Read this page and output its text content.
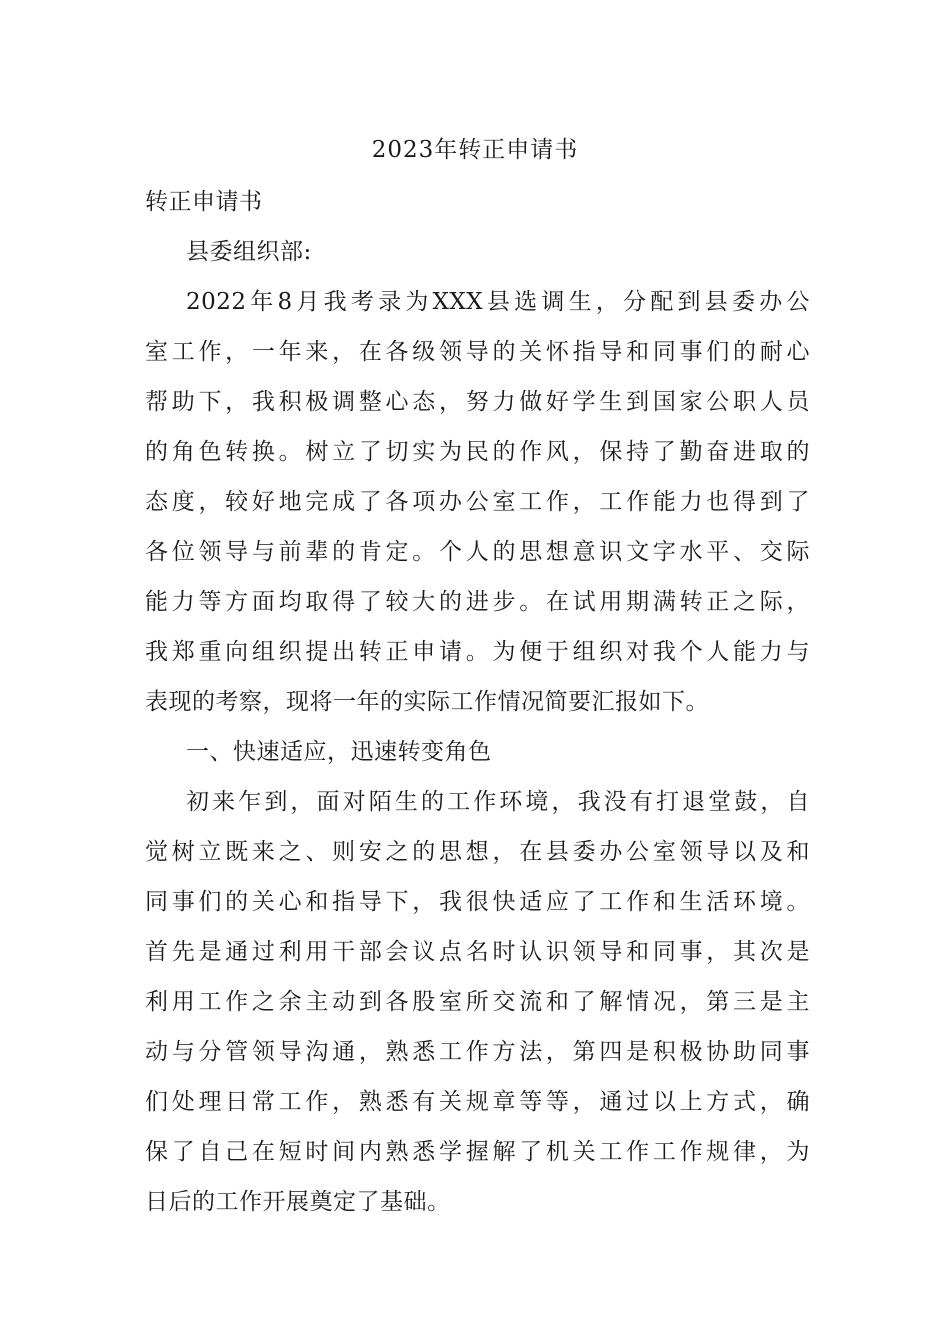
2023年转正申请书
转正申请书
县委组织部:
2022年8月我考录为XXX县选调生，分配到县委办公
室工作，一年来，在各级领导的关怀指导和同事们的耐心
帮助下，我积极调整心态，努力做好学生到国家公职人员
的角色转换。树立了切实为民的作风，保持了勤奋进取的
态度，较好地完成了各项办公室工作，工作能力也得到了
各位领导与前辈的肯定。个人的思想意识文字水平、交际
能力等方面均取得了较大的进步。在试用期满转正之际，
我郑重向组织提出转正申请。为便于组织对我个人能力与
表现的考察，现将一年的实际工作情况简要汇报如下。
一、快速适应，迅速转变角色
初来乍到，面对陌生的工作环境，我没有打退堂鼓，自
觉树立既来之、则安之的思想，在县委办公室领导以及和
同事们的关心和指导下，我很快适应了工作和生活环境。
首先是通过利用干部会议点名时认识领导和同事，其次是
利用工作之余主动到各股室所交流和了解情况，第三是主
动与分管领导沟通，熟悉工作方法，第四是积极协助同事
们处理日常工作，熟悉有关规章等等，通过以上方式，确
保了自己在短时间内熟悉学握解了机关工作工作规律，为
日后的工作开展奠定了基础。
